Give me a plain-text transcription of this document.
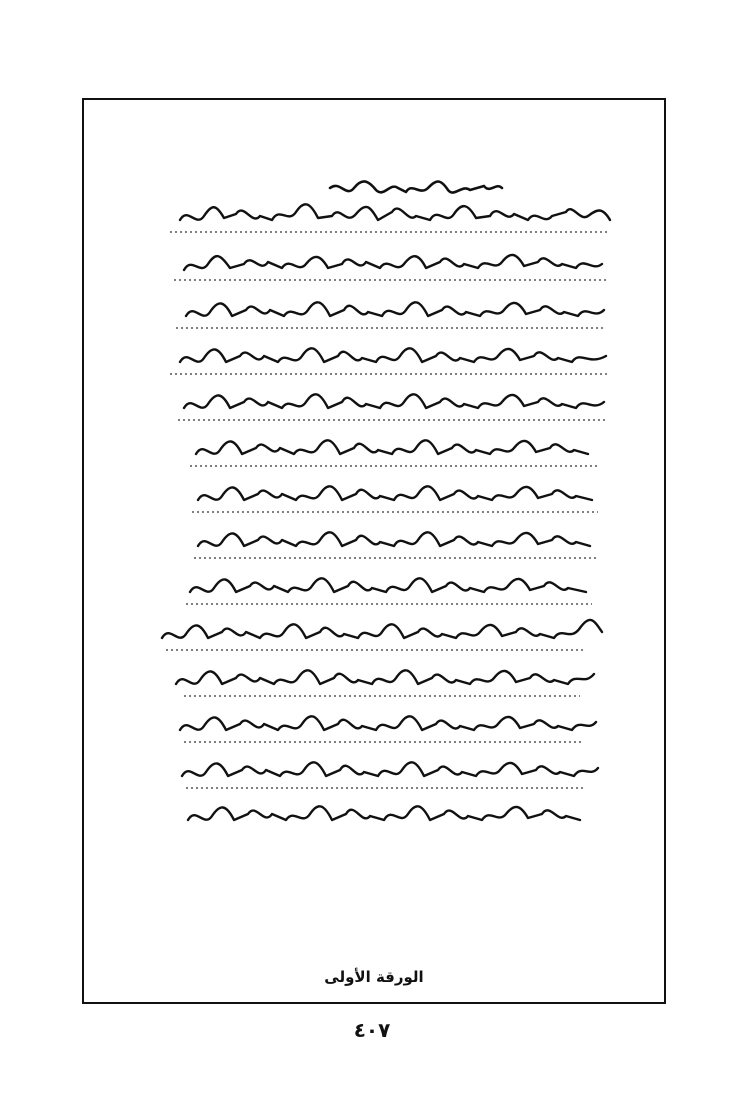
الورقة الأولى
٤٠٧
